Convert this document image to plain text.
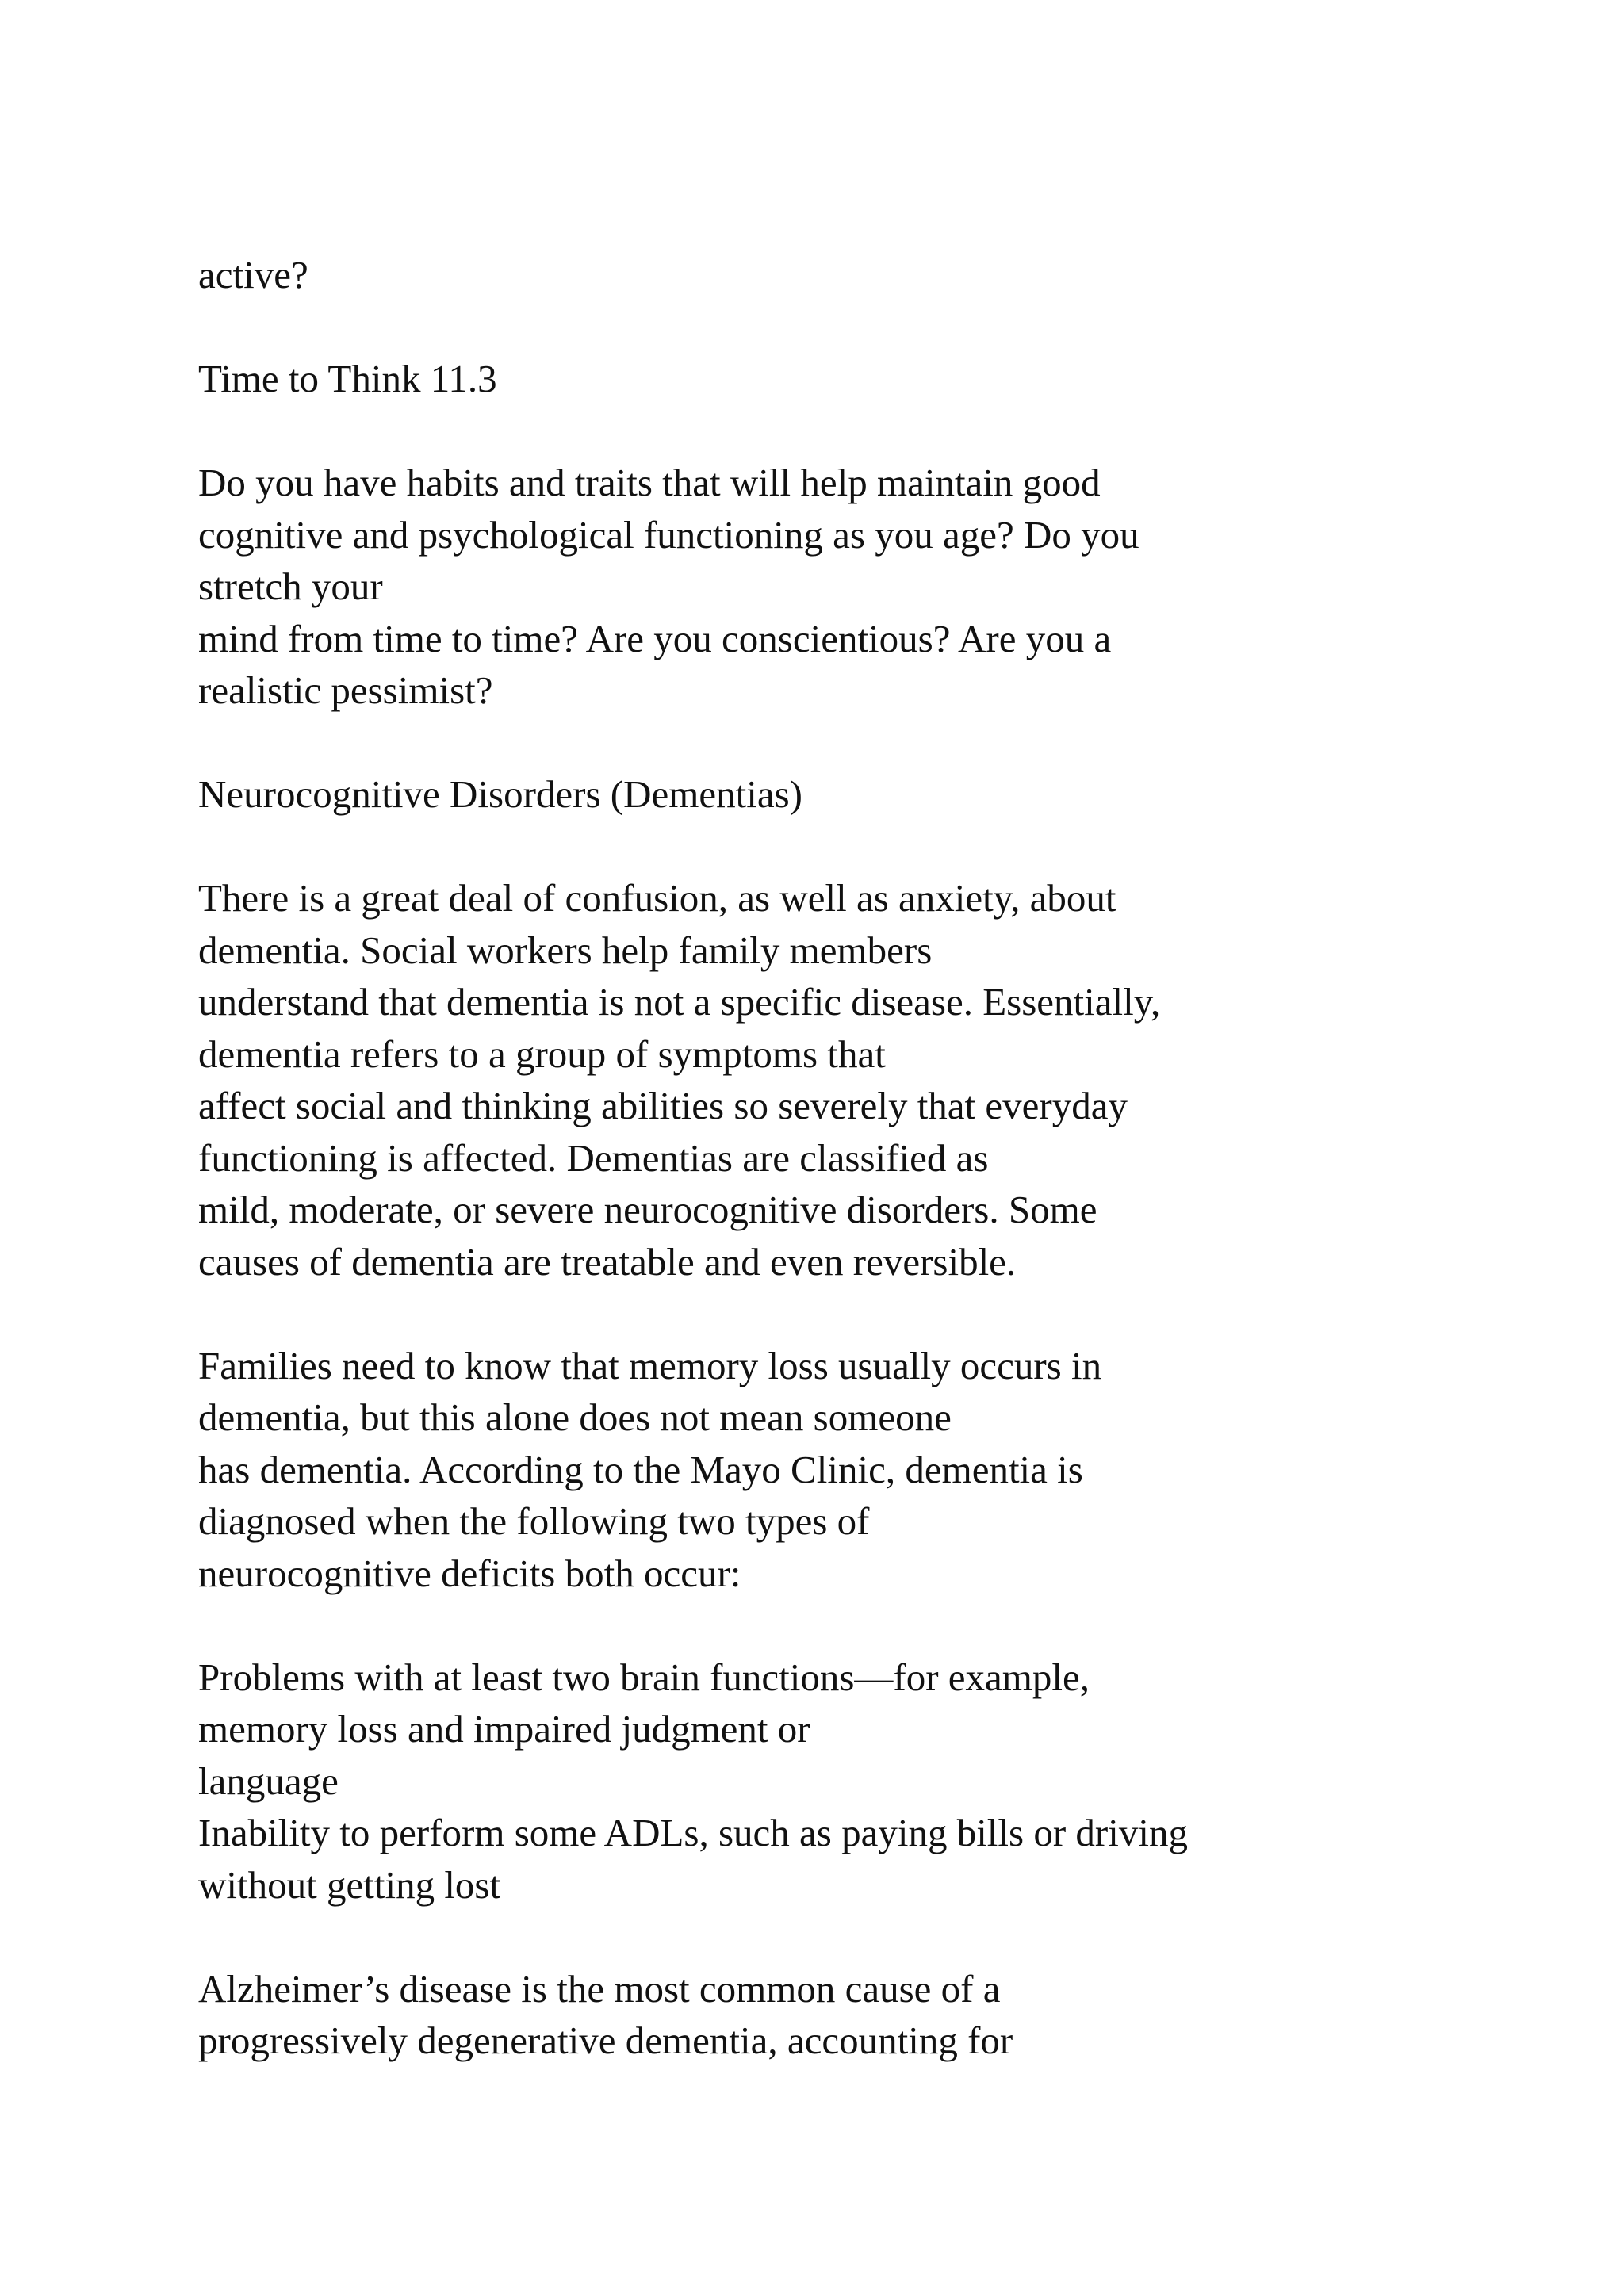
active?
Time to Think 11.3
Do you have habits and traits that will help maintain good
cognitive and psychological functioning as you age? Do you
stretch your
mind from time to time? Are you conscientious? Are you a
realistic pessimist?
Neurocognitive Disorders (Dementias)
There is a great deal of confusion, as well as anxiety, about
dementia. Social workers help family members
understand that dementia is not a specific disease. Essentially,
dementia refers to a group of symptoms that
affect social and thinking abilities so severely that everyday
functioning is affected. Dementias are classified as
mild, moderate, or severe neurocognitive disorders. Some
causes of dementia are treatable and even reversible.
Families need to know that memory loss usually occurs in
dementia, but this alone does not mean someone
has dementia. According to the Mayo Clinic, dementia is
diagnosed when the following two types of
neurocognitive deficits both occur:
Problems with at least two brain functions—for example,
memory loss and impaired judgment or
language
Inability to perform some ADLs, such as paying bills or driving
without getting lost
Alzheimer’s disease is the most common cause of a
progressively degenerative dementia, accounting for
